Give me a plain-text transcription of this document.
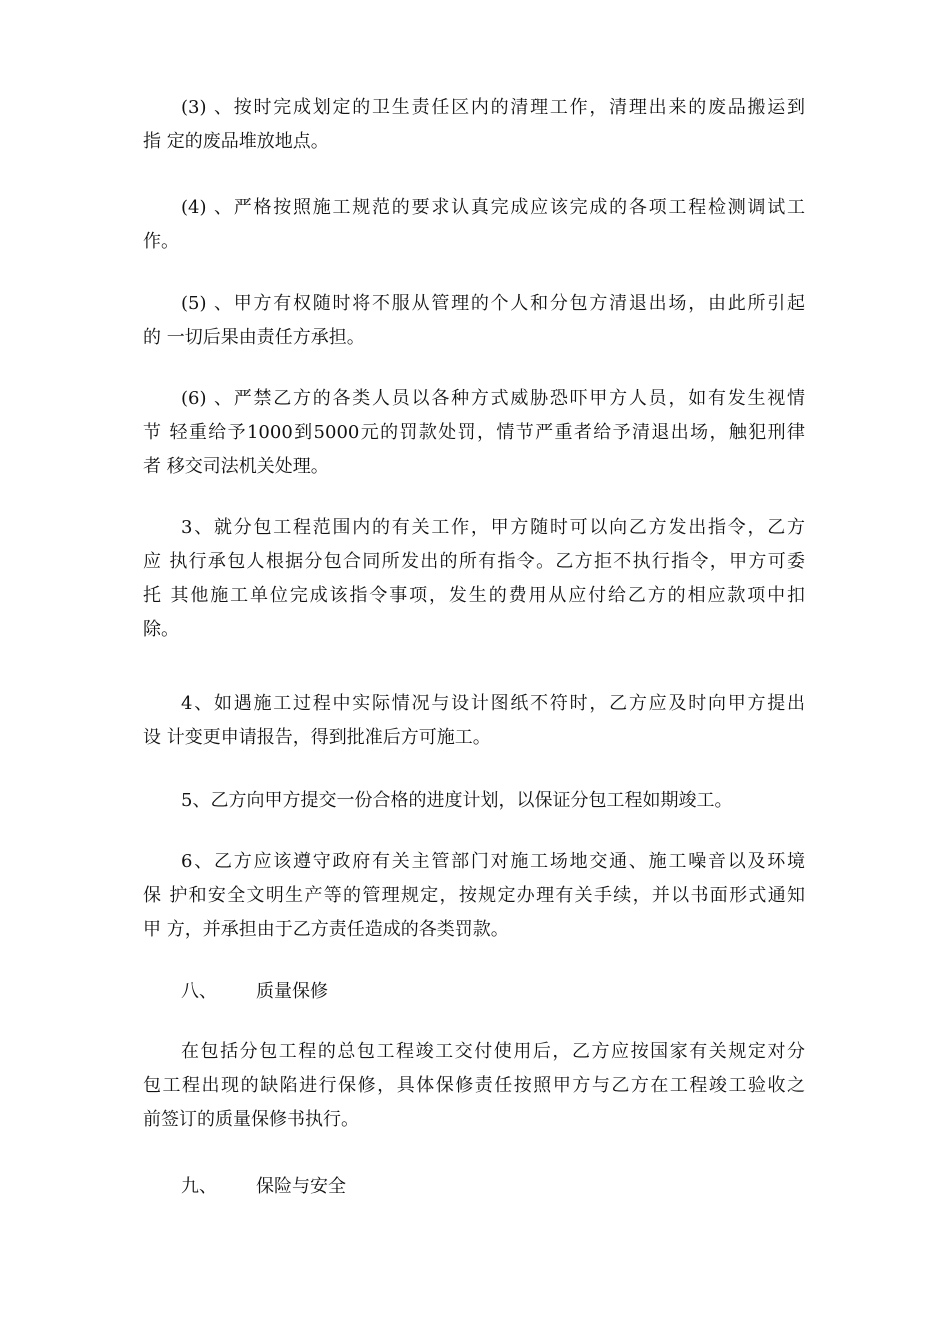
(3) 、按时完成划定的卫生责任区内的清理工作，清理出来的废品搬运到
指 定的废品堆放地点。

(4) 、严格按照施工规范的要求认真完成应该完成的各项工程检测调试工
作。

(5) 、甲方有权随时将不服从管理的个人和分包方清退出场，由此所引起
的 一切后果由责任方承担。

(6) 、严禁乙方的各类人员以各种方式威胁恐吓甲方人员，如有发生视情
节 轻重给予1000到5000元的罚款处罚，情节严重者给予清退出场，触犯刑律
者 移交司法机关处理。

3、就分包工程范围内的有关工作，甲方随时可以向乙方发出指令，乙方
应 执行承包人根据分包合同所发出的所有指令。乙方拒不执行指令，甲方可委
托 其他施工单位完成该指令事项，发生的费用从应付给乙方的相应款项中扣
除。

4、如遇施工过程中实际情况与设计图纸不符时，乙方应及时向甲方提出
设 计变更申请报告，得到批准后方可施工。

5、乙方向甲方提交一份合格的进度计划，以保证分包工程如期竣工。

6、乙方应该遵守政府有关主管部门对施工场地交通、施工噪音以及环境
保 护和安全文明生产等的管理规定，按规定办理有关手续，并以书面形式通知
甲 方，并承担由于乙方责任造成的各类罚款。

八、 质量保修

在包括分包工程的总包工程竣工交付使用后，乙方应按国家有关规定对分
包工程出现的缺陷进行保修，具体保修责任按照甲方与乙方在工程竣工验收之
前签订的质量保修书执行。

九、 保险与安全
